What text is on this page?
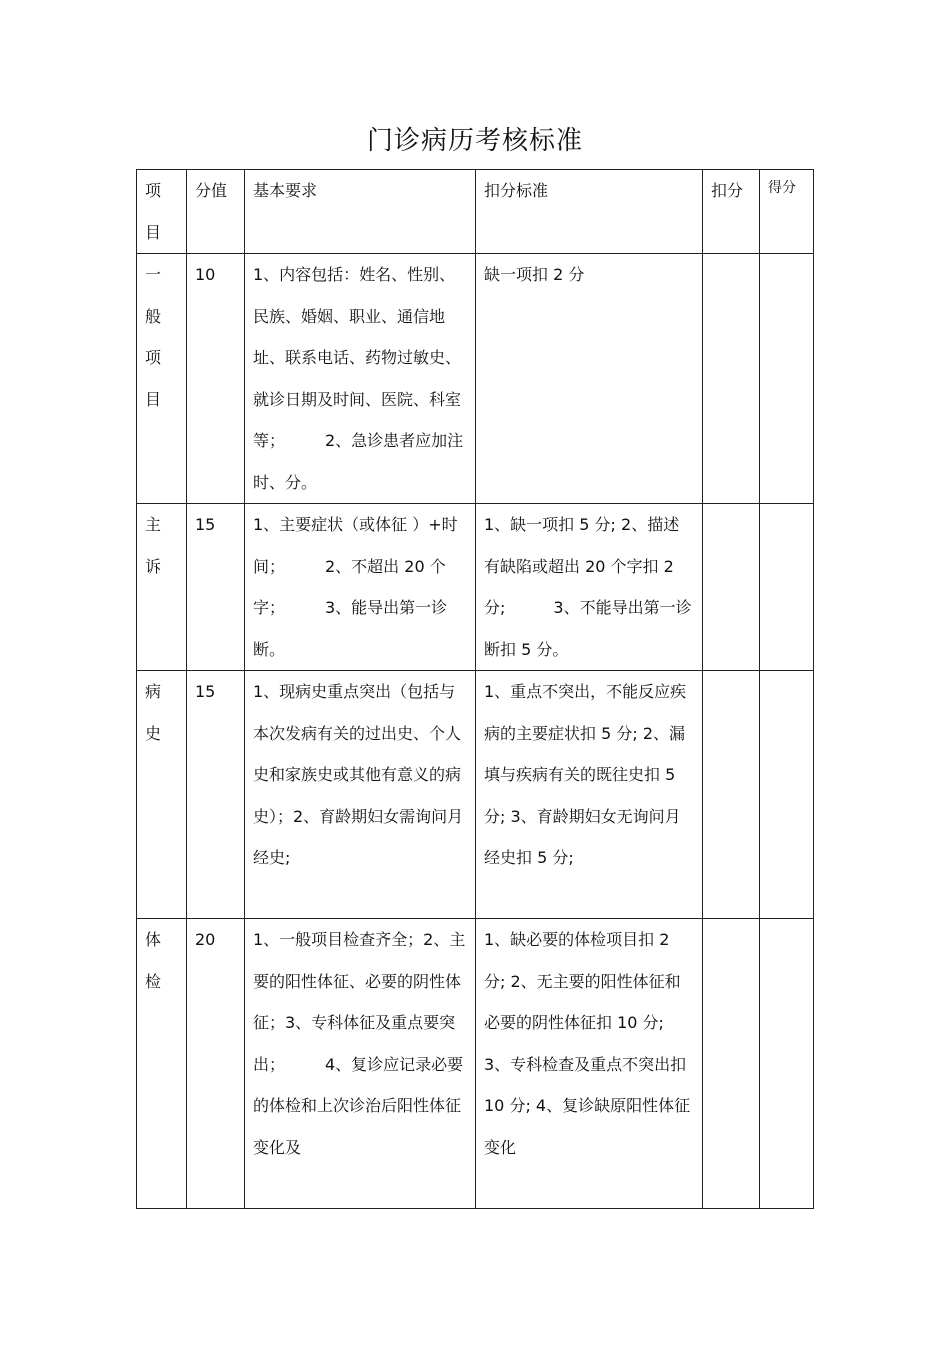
门诊病历考核标准
项
目	分值	基本要求	扣分标准	扣分	得分
一
般
项
目	10	1、内容包括：姓名、性别、民族、婚姻、职业、通信地址、联系电话、药物过敏史、就诊日期及时间、医院、科室等；　　　2、急诊患者应加注时、分。	缺一项扣 2 分		
主
诉	15	1、主要症状（或体征 ）+时间；　　　2、不超出 20 个字；　　　3、能导出第一诊断。	1、缺一项扣 5 分; 2、描述有缺陷或超出 20 个字扣 2 分;　　　3、不能导出第一诊断扣 5 分。		
病
史	15	1、现病史重点突出（包括与本次发病有关的过出史、个人史和家族史或其他有意义的病史）；2、育龄期妇女需询问月经史;	1、重点不突出，不能反应疾病的主要症状扣 5 分; 2、漏填与疾病有关的既往史扣 5 分; 3、育龄期妇女无询问月经史扣 5 分;		
体
检	20	1、一般项目检查齐全；2、主要的阳性体征、必要的阴性体征；3、专科体征及重点要突出；　　　4、复诊应记录必要的体检和上次诊治后阳性体征变化及	1、缺必要的体检项目扣 2 分; 2、无主要的阳性体征和必要的阴性体征扣 10 分; 3、专科检查及重点不突出扣 10 分; 4、复诊缺原阳性体征变化		
